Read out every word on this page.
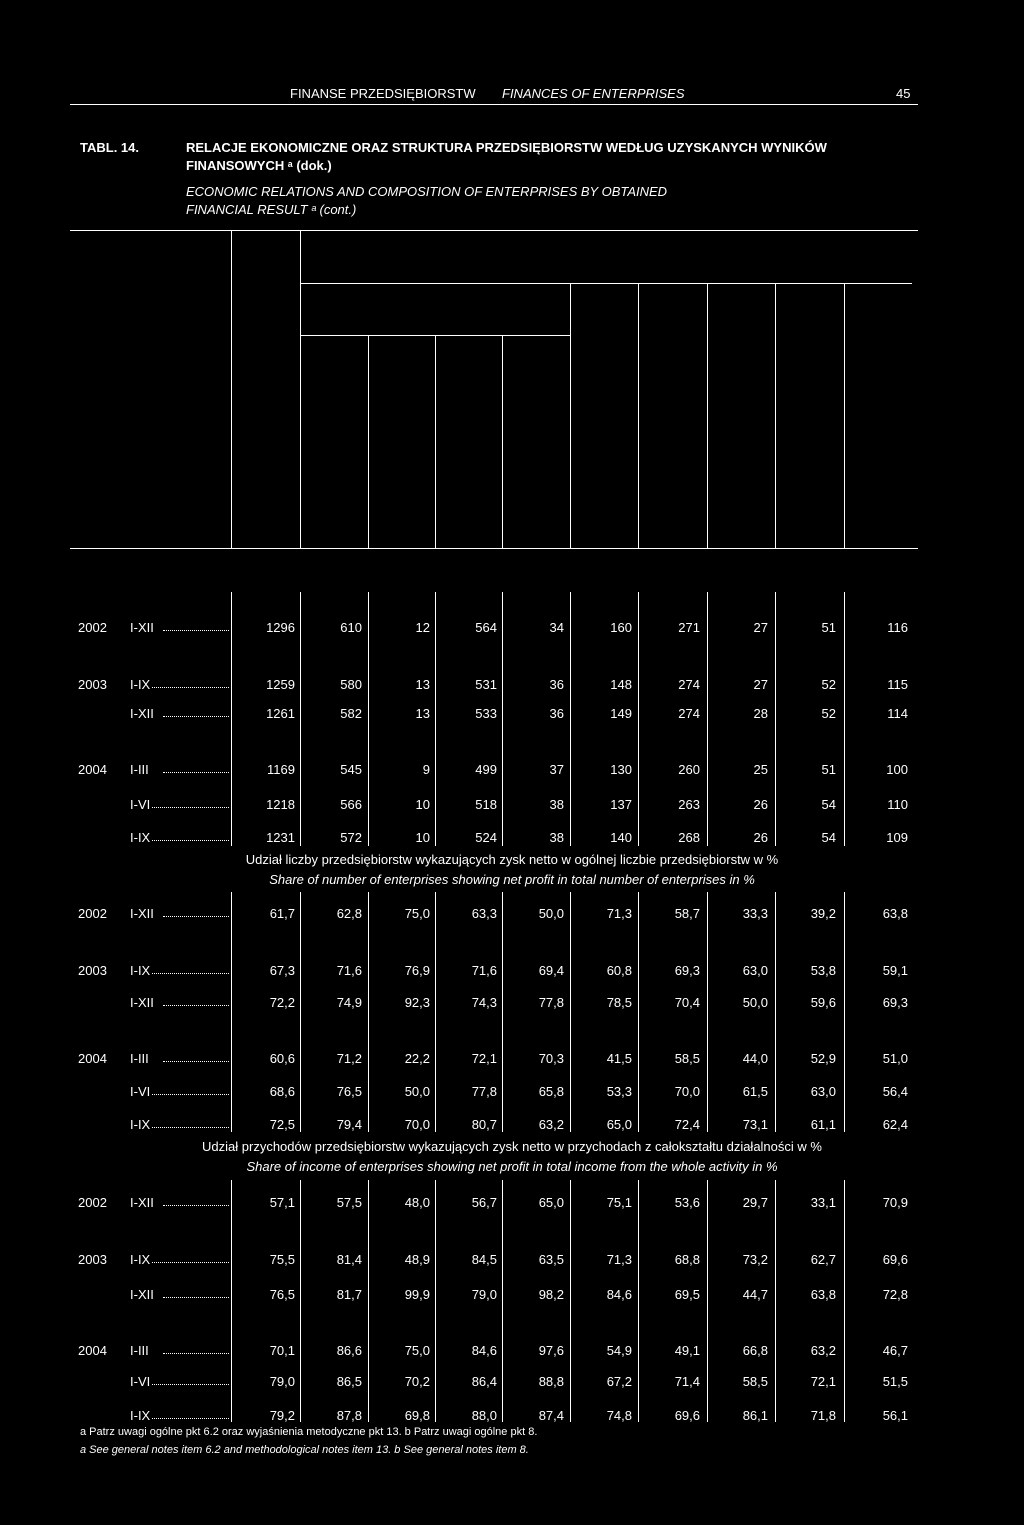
FINANSE PRZEDSIĘBIORSTW FINANCES OF ENTERPRISES	45
TABL. 14.	RELACJE EKONOMICZNE ORAZ STRUKTURA PRZEDSIĘBIORSTW WEDŁUG UZYSKANYCH WYNIKÓW
FINANSOWYCH ᵃ (dok.)
ECONOMIC RELATIONS AND COMPOSITION OF ENTERPRISES BY OBTAINED
FINANCIAL RESULT ᵃ (cont.)
2002 I-XII	1296	610	12	564	34	160	271	27	51	116
2003 I-IX	1259	580	13	531	36	148	274	27	52	115
I-XII	1261	582	13	533	36	149	274	28	52	114
2004 I-III	1169	545	9	499	37	130	260	25	51	100
I-VI	1218	566	10	518	38	137	263	26	54	110
I-IX	1231	572	10	524	38	140	268	26	54	109
Udział liczby przedsiębiorstw wykazujących zysk netto w ogólnej liczbie przedsiębiorstw w %
Share of number of enterprises showing net profit in total number of enterprises in %
2002 I-XII	61,7	62,8	75,0	63,3	50,0	71,3	58,7	33,3	39,2	63,8
2003 I-IX	67,3	71,6	76,9	71,6	69,4	60,8	69,3	63,0	53,8	59,1
I-XII	72,2	74,9	92,3	74,3	77,8	78,5	70,4	50,0	59,6	69,3
2004 I-III	60,6	71,2	22,2	72,1	70,3	41,5	58,5	44,0	52,9	51,0
I-VI	68,6	76,5	50,0	77,8	65,8	53,3	70,0	61,5	63,0	56,4
I-IX	72,5	79,4	70,0	80,7	63,2	65,0	72,4	73,1	61,1	62,4
Udział przychodów przedsiębiorstw wykazujących zysk netto w przychodach z całokształtu działalności w %
Share of income of enterprises showing net profit in total income from the whole activity in %
2002 I-XII	57,1	57,5	48,0	56,7	65,0	75,1	53,6	29,7	33,1	70,9
2003 I-IX	75,5	81,4	48,9	84,5	63,5	71,3	68,8	73,2	62,7	69,6
I-XII	76,5	81,7	99,9	79,0	98,2	84,6	69,5	44,7	63,8	72,8
2004 I-III	70,1	86,6	75,0	84,6	97,6	54,9	49,1	66,8	63,2	46,7
I-VI	79,0	86,5	70,2	86,4	88,8	67,2	71,4	58,5	72,1	51,5
I-IX	79,2	87,8	69,8	88,0	87,4	74,8	69,6	86,1	71,8	56,1
a Patrz uwagi ogólne pkt 6.2 oraz wyjaśnienia metodyczne pkt 13. b Patrz uwagi ogólne pkt 8.
a See general notes item 6.2 and methodological notes item 13. b See general notes item 8.
